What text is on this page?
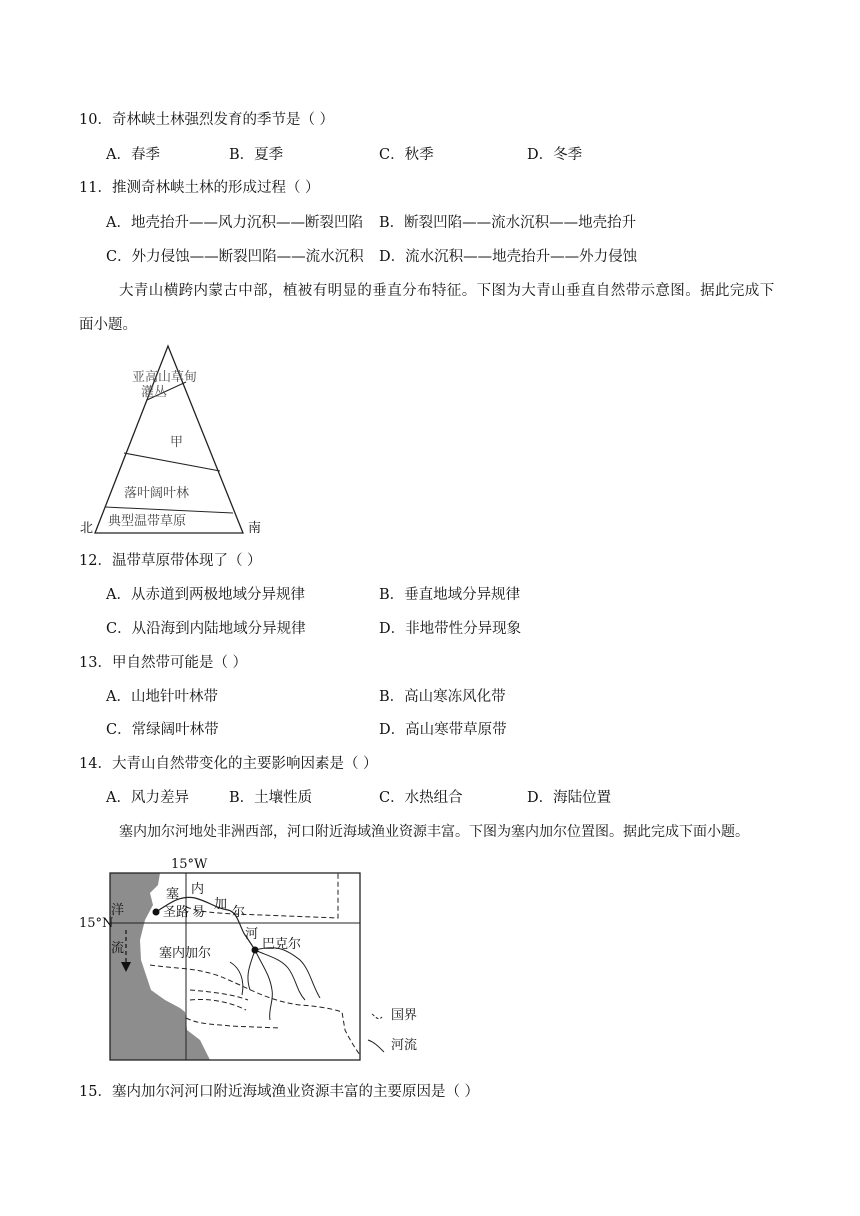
10．奇林峡土林强烈发育的季节是（ ）
A．春季	B．夏季	C．秋季	D．冬季
11．推测奇林峡土林的形成过程（ ）
A．地壳抬升——风力沉积——断裂凹陷 B．断裂凹陷——流水沉积——地壳抬升
C．外力侵蚀——断裂凹陷——流水沉积 D．流水沉积——地壳抬升——外力侵蚀
大青山横跨内蒙古中部，植被有明显的垂直分布特征。下图为大青山垂直自然带示意图。据此完成下
面小题。
亚高山草甸
灌丛
甲
落叶阔叶林
典型温带草原
北	南
12．温带草原带体现了（ ）
A．从赤道到两极地域分异规律	B．垂直地域分异规律
C．从沿海到内陆地域分异规律	D．非地带性分异现象
13．甲自然带可能是（ ）
A．山地针叶林带	B．高山寒冻风化带
C．常绿阔叶林带	D．高山寒带草原带
14．大青山自然带变化的主要影响因素是（ ）
A．风力差异	B．土壤性质	C．水热组合	D．海陆位置
塞内加尔河地处非洲西部，河口附近海域渔业资源丰富。下图为塞内加尔位置图。据此完成下面小题。
15°W
15°N
洋
流
塞 内
加
尔
河
圣路 易
巴克尔
塞内加尔
国界
河流
15．塞内加尔河河口附近海域渔业资源丰富的主要原因是（ ）
